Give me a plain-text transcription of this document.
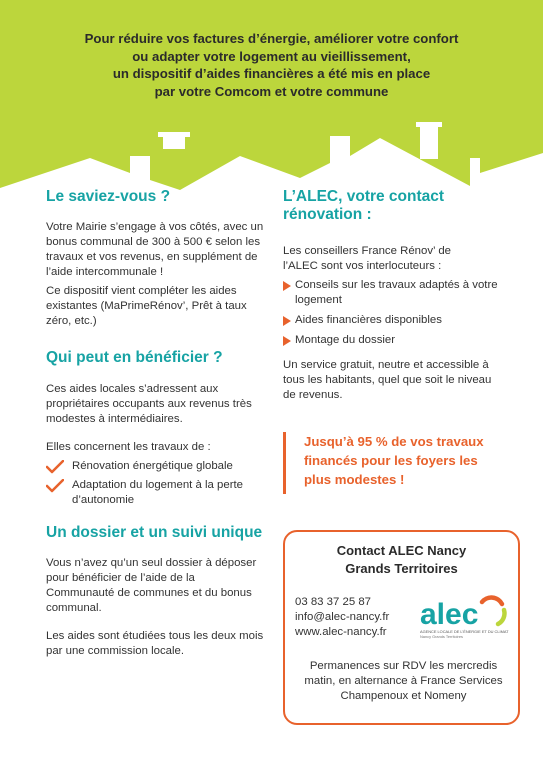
Pour réduire vos factures d’énergie, améliorer votre confort
ou adapter votre logement au vieillissement,
un dispositif d’aides financières a été mis en place
par votre Comcom et votre commune
Le saviez-vous ?

Votre Mairie s’engage à vos côtés, avec un bonus communal de 300 à 500 € selon les travaux et vos revenus, en supplément de l’aide intercommunale !

Ce dispositif vient compléter les aides existantes (MaPrimeRénov’, Prêt à taux zéro, etc.)

Qui peut en bénéficier ?

Ces aides locales s’adressent aux propriétaires occupants aux revenus très modestes à intermédiaires.

Elles concernent les travaux de :

Rénovation énergétique globale
Adaptation du logement à la perte d’autonomie
Un dossier et un suivi unique

Vous n’avez qu’un seul dossier à déposer pour bénéficier de l’aide de la Communauté de communes et du bonus communal.

Les aides sont étudiées tous les deux mois par une commission locale.

L’ALEC, votre contact rénovation :

Les conseillers France Rénov’ de l’ALEC sont vos interlocuteurs :

Conseils sur les travaux adaptés à votre logement
Aides financières disponibles
Montage du dossier

Un service gratuit, neutre et accessible à tous les habitants, quel que soit le niveau de revenus.

Jusqu’à 95 % de vos travaux financés pour les foyers les plus modestes !

Contact ALEC Nancy
Grands Territoires
03 83 37 25 87
info@alec-nancy.fr
www.alec-nancy.fr
alec
AGENCE LOCALE DE L’ÉNERGIE ET DU CLIMAT
Nancy Grands Territoires
Permanences sur RDV les mercredis matin, en alternance à France Services Champenoux et Nomeny
